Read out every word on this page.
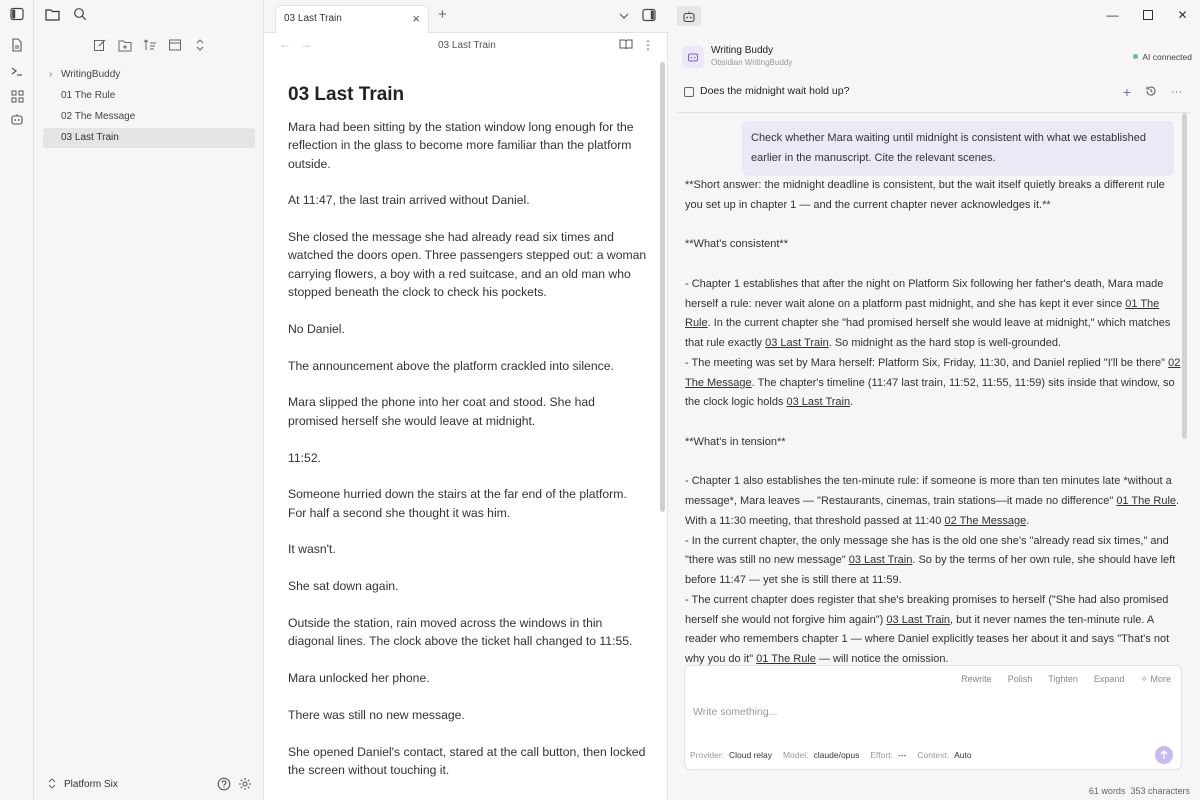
› WritingBuddy
01 The Rule
02 The Message
03 Last Train
Platform Six
03 Last Train	× +
← →	03 Last Train	⋮
03 Last Train

Mara had been sitting by the station window long enough for the reflection in the glass to become more familiar than the platform outside.

At 11:47, the last train arrived without Daniel.

She closed the message she had already read six times and watched the doors open. Three passengers stepped out: a woman carrying flowers, a boy with a red suitcase, and an old man who stopped beneath the clock to check his pockets.

No Daniel.

The announcement above the platform crackled into silence.

Mara slipped the phone into her coat and stood. She had promised herself she would leave at midnight.

11:52.

Someone hurried down the stairs at the far end of the platform. For half a second she thought it was him.

It wasn't.

She sat down again.

Outside the station, rain moved across the windows in thin diagonal lines. The clock above the ticket hall changed to 11:55.

Mara unlocked her phone.

There was still no new message.

She opened Daniel's contact, stared at the call button, then locked the screen without touching it.

—	✕
Writing Buddy
Obsidian WritingBuddy
AI connected
Does the midnight wait hold up?	+	···
Check whether Mara waiting until midnight is consistent with what we established earlier in the manuscript. Cite the relevant scenes.

**Short answer: the midnight deadline is consistent, but the wait itself quietly breaks a different rule you set up in chapter 1 — and the current chapter never acknowledges it.**

**What's consistent**

- Chapter 1 establishes that after the night on Platform Six following her father's death, Mara made herself a rule: never wait alone on a platform past midnight, and she has kept it ever since 01 The Rule. In the current chapter she "had promised herself she would leave at midnight," which matches that rule exactly 03 Last Train. So midnight as the hard stop is well-grounded.

- The meeting was set by Mara herself: Platform Six, Friday, 11:30, and Daniel replied "I'll be there" 02 The Message. The chapter's timeline (11:47 last train, 11:52, 11:55, 11:59) sits inside that window, so the clock logic holds 03 Last Train.

**What's in tension**

- Chapter 1 also establishes the ten-minute rule: if someone is more than ten minutes late *without a message*, Mara leaves — "Restaurants, cinemas, train stations—it made no difference" 01 The Rule. With a 11:30 meeting, that threshold passed at 11:40 02 The Message.

- In the current chapter, the only message she has is the old one she's "already read six times," and "there was still no new message" 03 Last Train. So by the terms of her own rule, she should have left before 11:47 — yet she is still there at 11:59.

- The current chapter does register that she's breaking promises to herself ("She had also promised herself she would not forgive him again") 03 Last Train, but it never names the ten-minute rule. A reader who remembers chapter 1 — where Daniel explicitly teases her about it and says "That's not why you do it" 01 The Rule — will notice the omission.

Rewrite Polish Tighten Expand ✧ More
Write something...
Provider: Cloud relay Model: claude/opus Effort: --- Context: Auto
61 words 353 characters
